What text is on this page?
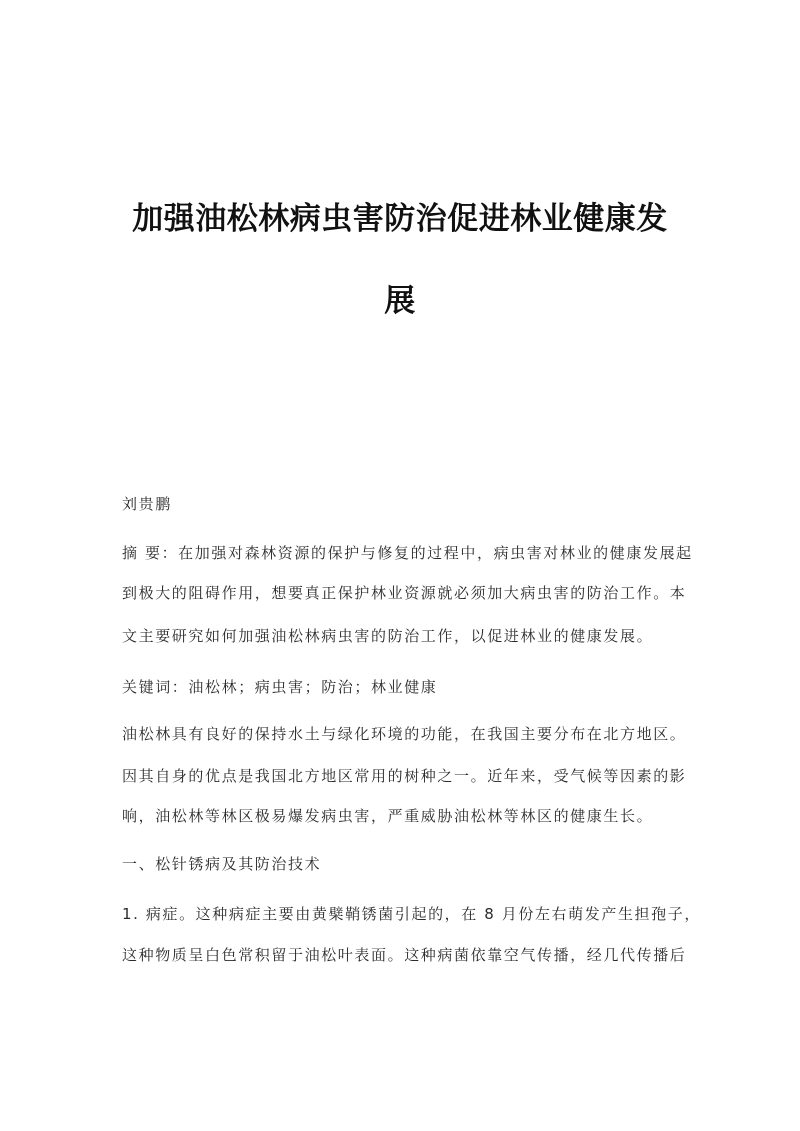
加强油松林病虫害防治促进林业健康发
展

刘贵鹏

摘 要：在加强对森林资源的保护与修复的过程中，病虫害对林业的健康发展起

到极大的阻碍作用，想要真正保护林业资源就必须加大病虫害的防治工作。本

文主要研究如何加强油松林病虫害的防治工作，以促进林业的健康发展。

关键词：油松林；病虫害；防治；林业健康

油松林具有良好的保持水土与绿化环境的功能，在我国主要分布在北方地区。

因其自身的优点是我国北方地区常用的树种之一。近年来，受气候等因素的影

响，油松林等林区极易爆发病虫害，严重威胁油松林等林区的健康生长。

一、松针锈病及其防治技术

1. 病症。这种病症主要由黄檗鞘锈菌引起的，在 8 月份左右萌发产生担孢子，

这种物质呈白色常积留于油松叶表面。这种病菌依靠空气传播，经几代传播后
